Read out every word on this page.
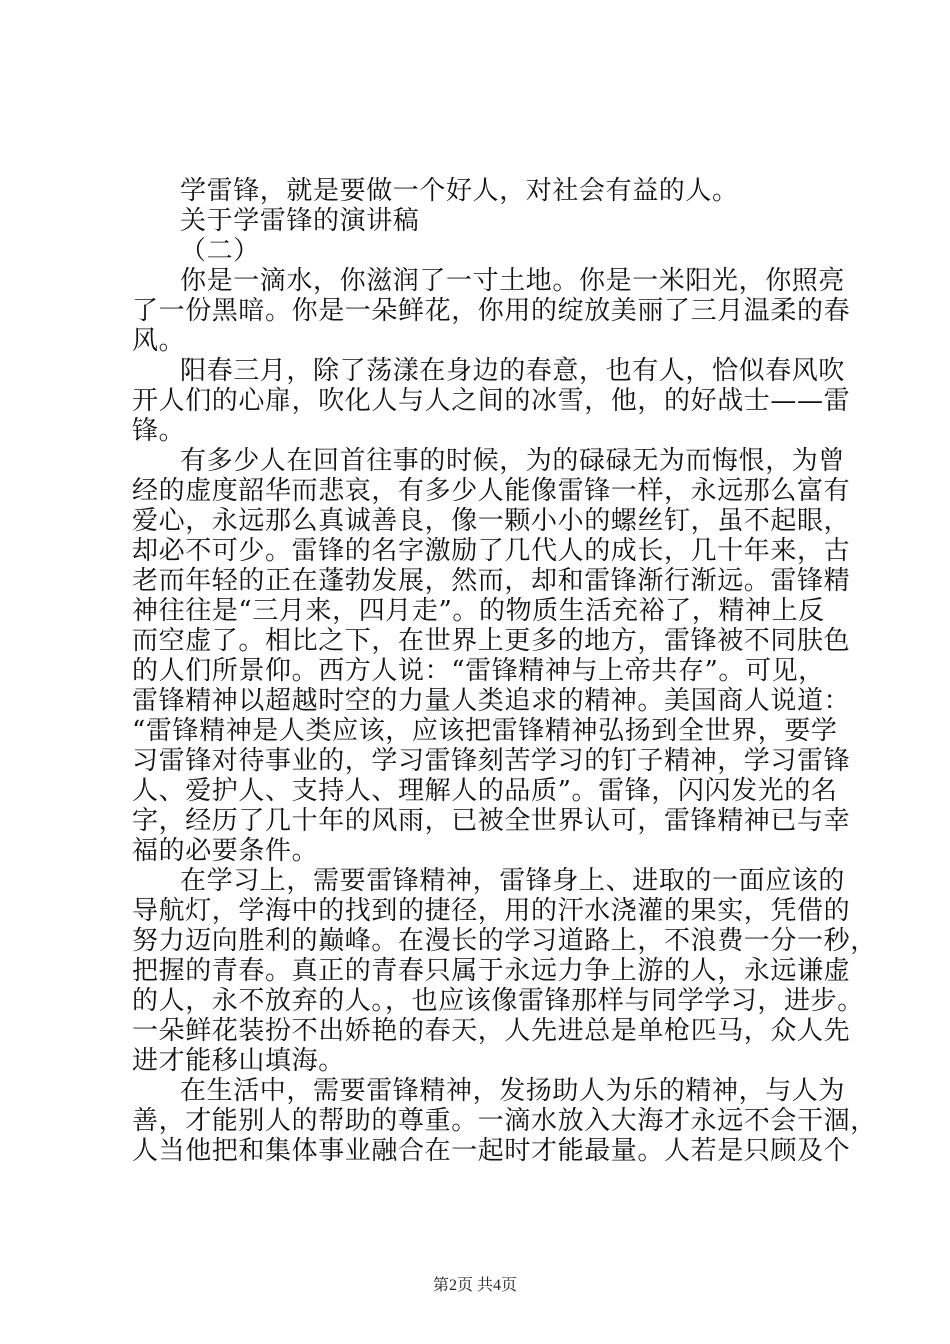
学雷锋，就是要做一个好人，对社会有益的人。
关于学雷锋的演讲稿
（二）
你是一滴水，你滋润了一寸土地。你是一米阳光，你照亮
了一份黑暗。你是一朵鲜花，你用的绽放美丽了三月温柔的春
风。
阳春三月，除了荡漾在身边的春意，也有人，恰似春风吹
开人们的心扉，吹化人与人之间的冰雪，他，的好战士——雷
锋。
有多少人在回首往事的时候，为的碌碌无为而悔恨，为曾
经的虚度韶华而悲哀，有多少人能像雷锋一样，永远那么富有
爱心，永远那么真诚善良，像一颗小小的螺丝钉，虽不起眼，
却必不可少。雷锋的名字激励了几代人的成长，几十年来，古
老而年轻的正在蓬勃发展，然而，却和雷锋渐行渐远。雷锋精
神往往是“三月来，四月走”。的物质生活充裕了，精神上反
而空虚了。相比之下，在世界上更多的地方，雷锋被不同肤色
的人们所景仰。西方人说：“雷锋精神与上帝共存”。可见，
雷锋精神以超越时空的力量人类追求的精神。美国商人说道：
“雷锋精神是人类应该，应该把雷锋精神弘扬到全世界，要学
习雷锋对待事业的，学习雷锋刻苦学习的钉子精神，学习雷锋
人、爱护人、支持人、理解人的品质”。雷锋，闪闪发光的名
字，经历了几十年的风雨，已被全世界认可，雷锋精神已与幸
福的必要条件。
在学习上，需要雷锋精神，雷锋身上、进取的一面应该的
导航灯，学海中的找到的捷径，用的汗水浇灌的果实，凭借的
努力迈向胜利的巅峰。在漫长的学习道路上，不浪费一分一秒，
把握的青春。真正的青春只属于永远力争上游的人，永远谦虚
的人，永不放弃的人。，也应该像雷锋那样与同学学习，进步。
一朵鲜花装扮不出娇艳的春天，人先进总是单枪匹马，众人先
进才能移山填海。
在生活中，需要雷锋精神，发扬助人为乐的精神，与人为
善，才能别人的帮助的尊重。一滴水放入大海才永远不会干涸，
人当他把和集体事业融合在一起时才能最量。人若是只顾及个
第2页 共4页
